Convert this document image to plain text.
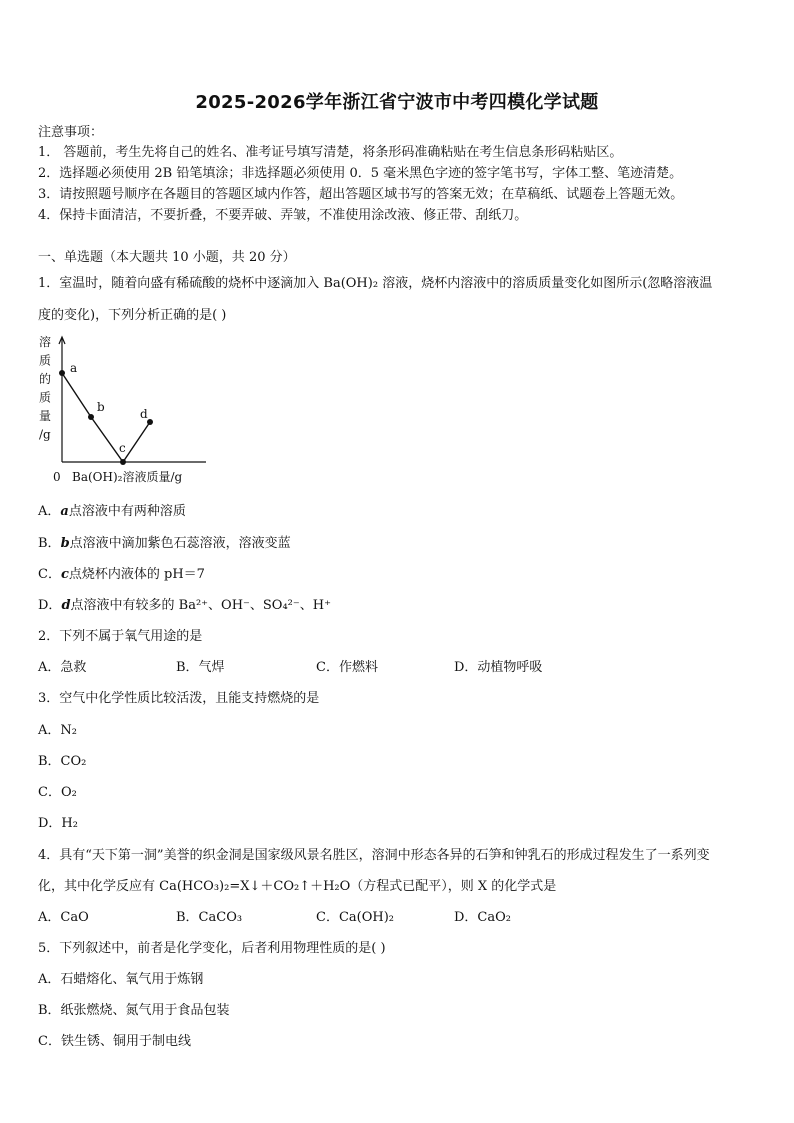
2025-2026学年浙江省宁波市中考四模化学试题
注意事项：
1． 答题前，考生先将自己的姓名、准考证号填写清楚，将条形码准确粘贴在考生信息条形码粘贴区。
2．选择题必须使用 2B 铅笔填涂；非选择题必须使用 0．5 毫米黑色字迹的签字笔书写，字体工整、笔迹清楚。
3．请按照题号顺序在各题目的答题区域内作答，超出答题区域书写的答案无效；在草稿纸、试题卷上答题无效。
4．保持卡面清洁，不要折叠，不要弄破、弄皱，不准使用涂改液、修正带、刮纸刀。
一、单选题（本大题共 10 小题，共 20 分）
1．室温时，随着向盛有稀硫酸的烧杯中逐滴加入 Ba(OH)₂ 溶液，烧杯内溶液中的溶质质量变化如图所示(忽略溶液温
度的变化)，下列分析正确的是( )
溶
质
的
质
量
/g
0 Ba(OH)₂溶液质量/g
a
b
c
d
A．a点溶液中有两种溶质
B．b点溶液中滴加紫色石蕊溶液，溶液变蓝
C．c点烧杯内液体的 pH＝7
D．d点溶液中有较多的 Ba²⁺、OH⁻、SO₄²⁻、H⁺
2．下列不属于氧气用途的是
A．急救	B．气焊	C．作燃料	D．动植物呼吸
3．空气中化学性质比较活泼，且能支持燃烧的是
A．N₂
B．CO₂
C．O₂
D．H₂
4．具有“天下第一洞”美誉的织金洞是国家级风景名胜区，溶洞中形态各异的石笋和钟乳石的形成过程发生了一系列变
化，其中化学反应有 Ca(HCO₃)₂=X↓＋CO₂↑＋H₂O（方程式已配平），则 X 的化学式是
A．CaO	B．CaCO₃	C．Ca(OH)₂	D．CaO₂
5．下列叙述中，前者是化学变化，后者利用物理性质的是( )
A．石蜡熔化、氧气用于炼钢
B．纸张燃烧、氮气用于食品包装
C．铁生锈、铜用于制电线
